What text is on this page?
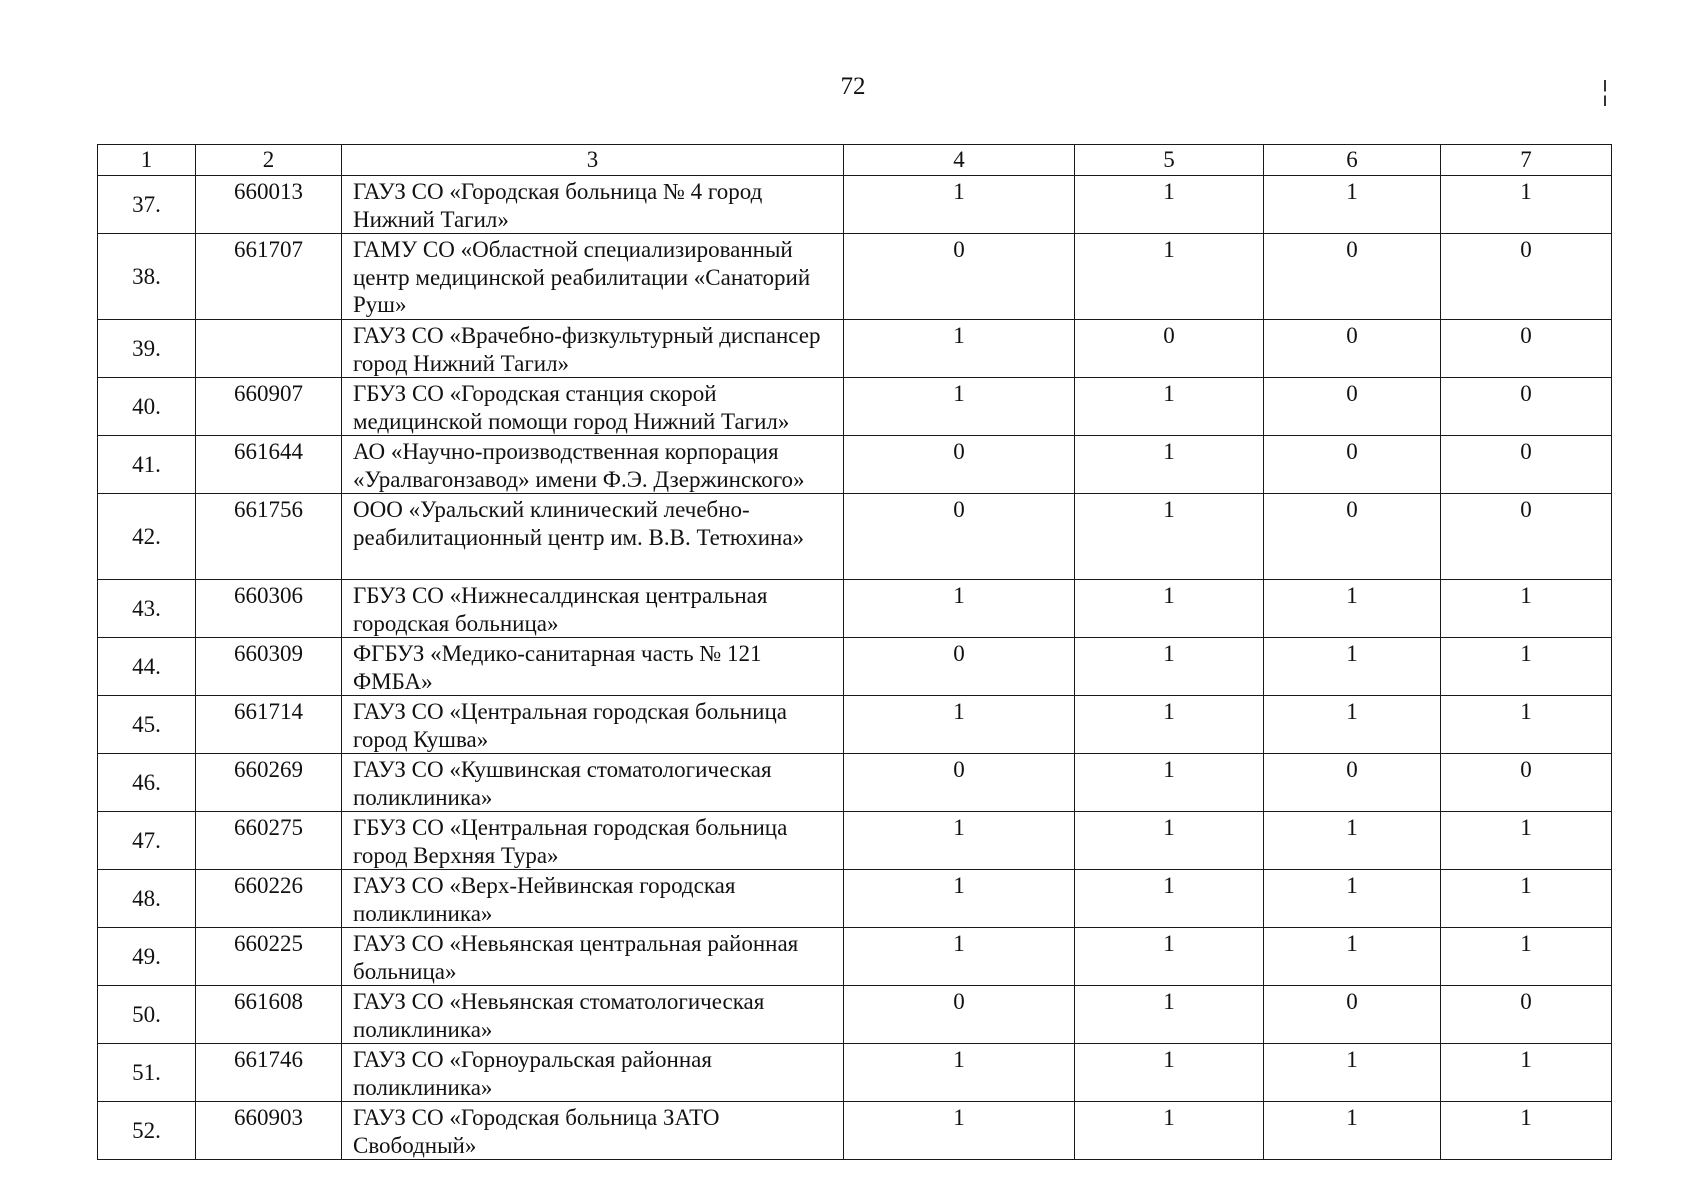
72
1	2	3	4	5	6	7
37.	660013	ГАУЗ СО «Городская больница № 4 город Нижний Тагил»	1	1	1	1
38.	661707	ГАМУ СО «Областной специализированный центр медицинской реабилитации «Санаторий Руш»	0	1	0	0
39.		ГАУЗ СО «Врачебно-физкультурный диспансер город Нижний Тагил»	1	0	0	0
40.	660907	ГБУЗ СО «Городская станция скорой медицинской помощи город Нижний Тагил»	1	1	0	0
41.	661644	АО «Научно-производственная корпорация «Уралвагонзавод» имени Ф.Э. Дзержинского»	0	1	0	0
42.	661756	ООО «Уральский клинический лечебно-реабилитационный центр им. В.В. Тетюхина»	0	1	0	0
43.	660306	ГБУЗ СО «Нижнесалдинская центральная городская больница»	1	1	1	1
44.	660309	ФГБУЗ «Медико-санитарная часть № 121 ФМБА»	0	1	1	1
45.	661714	ГАУЗ СО «Центральная городская больница город Кушва»	1	1	1	1
46.	660269	ГАУЗ СО «Кушвинская стоматологическая поликлиника»	0	1	0	0
47.	660275	ГБУЗ СО «Центральная городская больница город Верхняя Тура»	1	1	1	1
48.	660226	ГАУЗ СО «Верх-Нейвинская городская поликлиника»	1	1	1	1
49.	660225	ГАУЗ СО «Невьянская центральная районная больница»	1	1	1	1
50.	661608	ГАУЗ СО «Невьянская стоматологическая поликлиника»	0	1	0	0
51.	661746	ГАУЗ СО «Горноуральская районная поликлиника»	1	1	1	1
52.	660903	ГАУЗ СО «Городская больница ЗАТО Свободный»	1	1	1	1
